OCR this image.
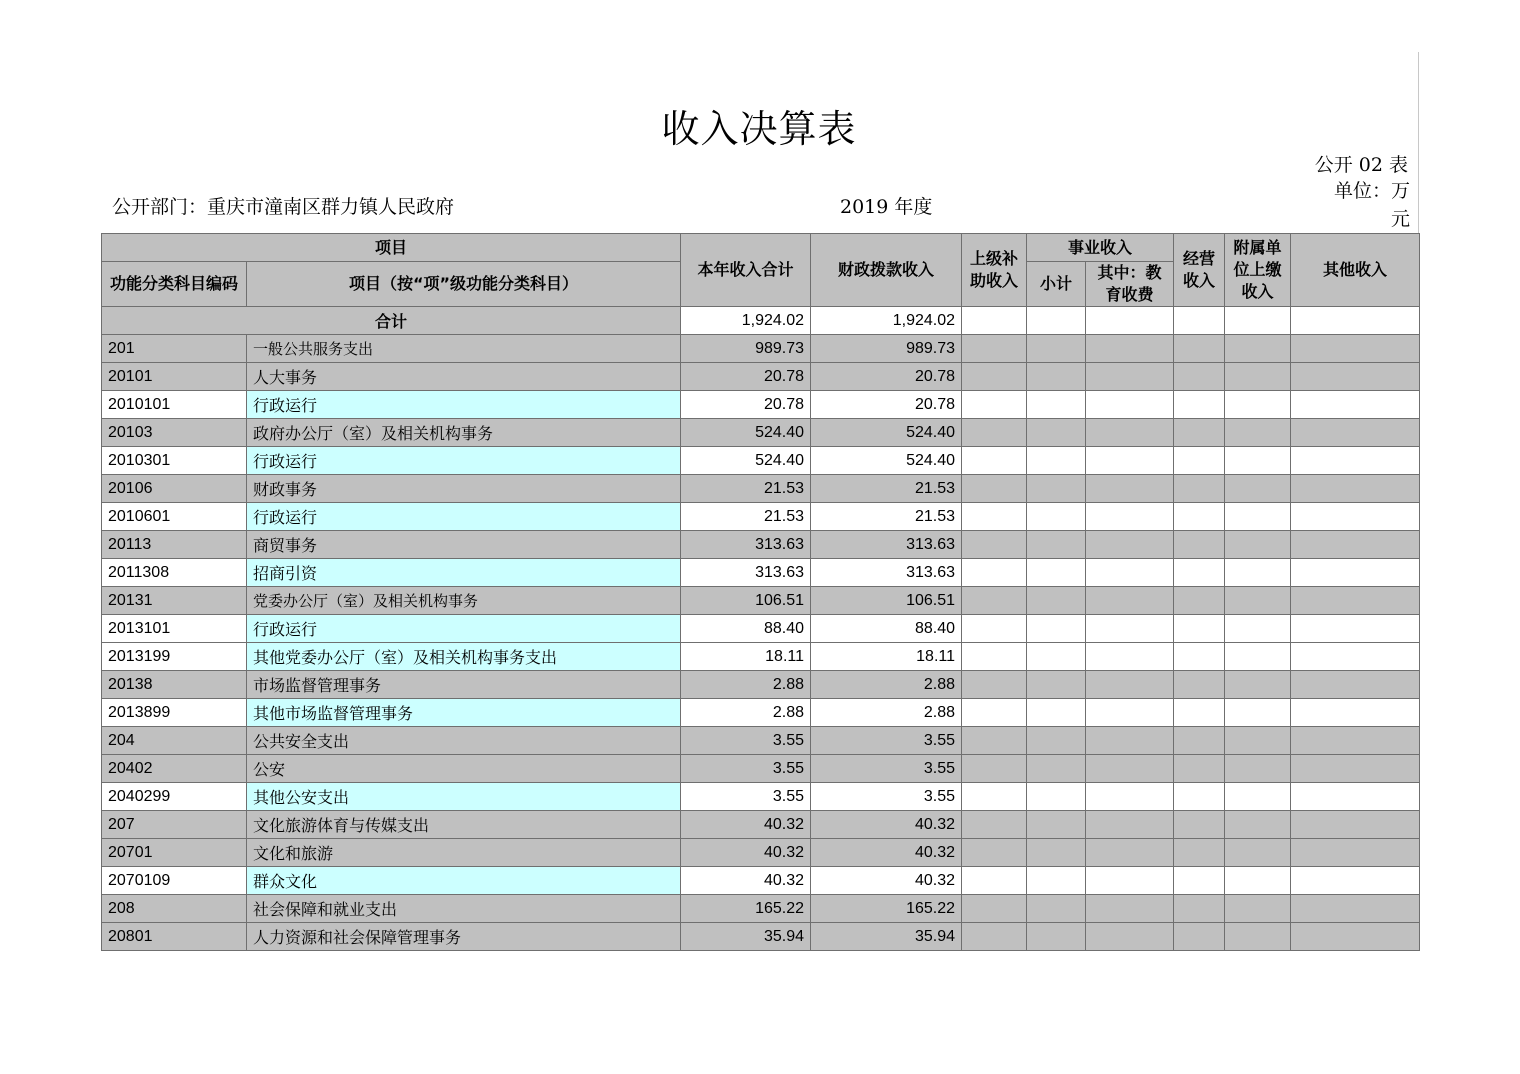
收入决算表
公开 02 表
单位：万元
公开部门：重庆市潼南区群力镇人民政府	2019 年度
项目		本年收入合计	财政拨款收入	上级补助收入	事业收入		经营收入	附属单位上缴收入	其他收入
功能分类科目编码	项目（按“项”级功能分类科目）								
					小计	其中：教育收费			
合计		1,924.02	1,924.02						
201	一般公共服务支出	989.73	989.73						
20101	人大事务	20.78	20.78						
2010101	行政运行	20.78	20.78						
20103	政府办公厅（室）及相关机构事务	524.40	524.40						
2010301	行政运行	524.40	524.40						
20106	财政事务	21.53	21.53						
2010601	行政运行	21.53	21.53						
20113	商贸事务	313.63	313.63						
2011308	招商引资	313.63	313.63						
20131	党委办公厅（室）及相关机构事务	106.51	106.51						
2013101	行政运行	88.40	88.40						
2013199	其他党委办公厅（室）及相关机构事务支出	18.11	18.11						
20138	市场监督管理事务	2.88	2.88						
2013899	其他市场监督管理事务	2.88	2.88						
204	公共安全支出	3.55	3.55						
20402	公安	3.55	3.55						
2040299	其他公安支出	3.55	3.55						
207	文化旅游体育与传媒支出	40.32	40.32						
20701	文化和旅游	40.32	40.32						
2070109	群众文化	40.32	40.32						
208	社会保障和就业支出	165.22	165.22						
20801	人力资源和社会保障管理事务	35.94	35.94						
